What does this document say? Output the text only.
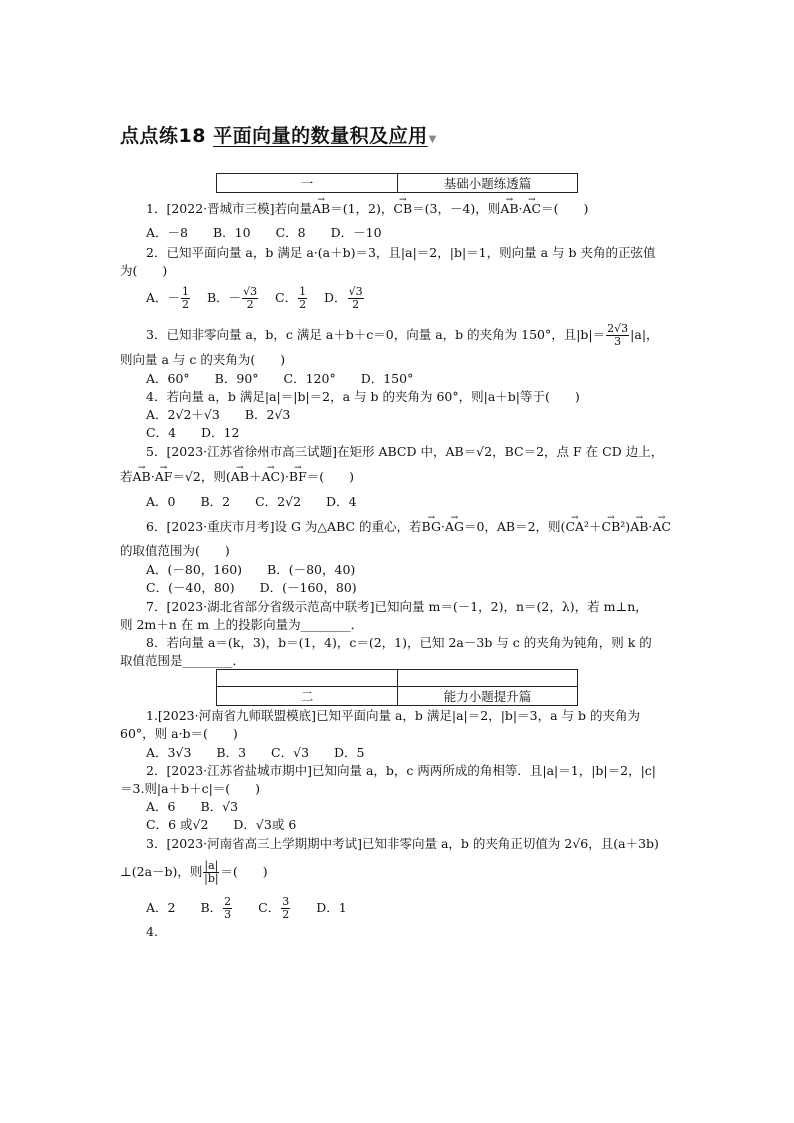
点点练18 平面向量的数量积及应用▼
一	基础小题练透篇
1．[2022·晋城市三模]若向量→ AB＝(1，2)，→ CB＝(3，－4)，则→ AB·→ AC＝(　　)
A．－8　　B．10　　C．8　　D．－10
2．已知平面向量 a，b 满足 a·(a＋b)＝3，且|a|＝2，|b|＝1，则向量 a 与 b 夹角的正弦值
为(　　)
A．－ $\frac{1}{2}$ B．－ $\frac{√3}{2}$ C． $\frac{1}{2}$ D． $\frac{√3}{2}$
3．已知非零向量 a，b，c 满足 a＋b＋c＝0，向量 a，b 的夹角为 150°，且$|b|= \frac{2√3}{3} |a|$，
则向量 a 与 c 的夹角为(　　)
A．60°　　B．90°　　C．120°　　D．150°
4．若向量 a，b 满足|a|＝|b|＝2，a 与 b 的夹角为 60°，则|a＋b|等于(　　)
A．2√2＋√3　　B．2√3
C．4　　D．12
5．[2023·江苏省徐州市高三试题]在矩形 ABCD 中，AB＝√2，BC＝2，点 F 在 CD 边上，
若→ AB·→ AF＝√2，则(→ AB＋→ AC)·→ BF＝(　　)
A．0　　B．2　　C．2√2　　D．4
6．[2023·重庆市月考]设 G 为△ABC 的重心，若→ BG·→ AG＝0，AB＝2，则(→ CA²＋→ CB²)→ AB·→ AC
的取值范围为(　　)
A．(－80，160)　　B．(－80，40)
C．(－40，80)　　D．(－160，80)
7．[2023·湖北省部分省级示范高中联考]已知向量 m＝(－1，2)，n＝(2，λ)，若 m⊥n，
则 2m＋n 在 m 上的投影向量为________．
8．若向量 a＝(k，3)，b＝(1，4)，c＝(2，1)，已知 2a－3b 与 c 的夹角为钝角，则 k 的
取值范围是________．

二	能力小题提升篇
1.[2023·河南省九师联盟模底]已知平面向量 a，b 满足|a|＝2，|b|＝3，a 与 b 的夹角为
60°，则 a·b＝(　　)
A．3√3　　B．3　　C．√3　　D．5
2．[2023·江苏省盐城市期中]已知向量 a，b，c 两两所成的角相等．且|a|＝1，|b|＝2，|c|
＝3.则|a＋b＋c|＝(　　)
A．6　　B．√3
C．6 或√2　　D．√3或 6
3．[2023·河南省高三上学期期中考试]已知非零向量 a，b 的夹角正切值为 2√6，且(a＋3b)
⊥(2a－b)，则 $\frac{|a|}{|b|}$ ＝(　　)
A．2　　B． $\frac{2}{3}$ 　　C． $\frac{3}{2}$ 　　D．1
4.
